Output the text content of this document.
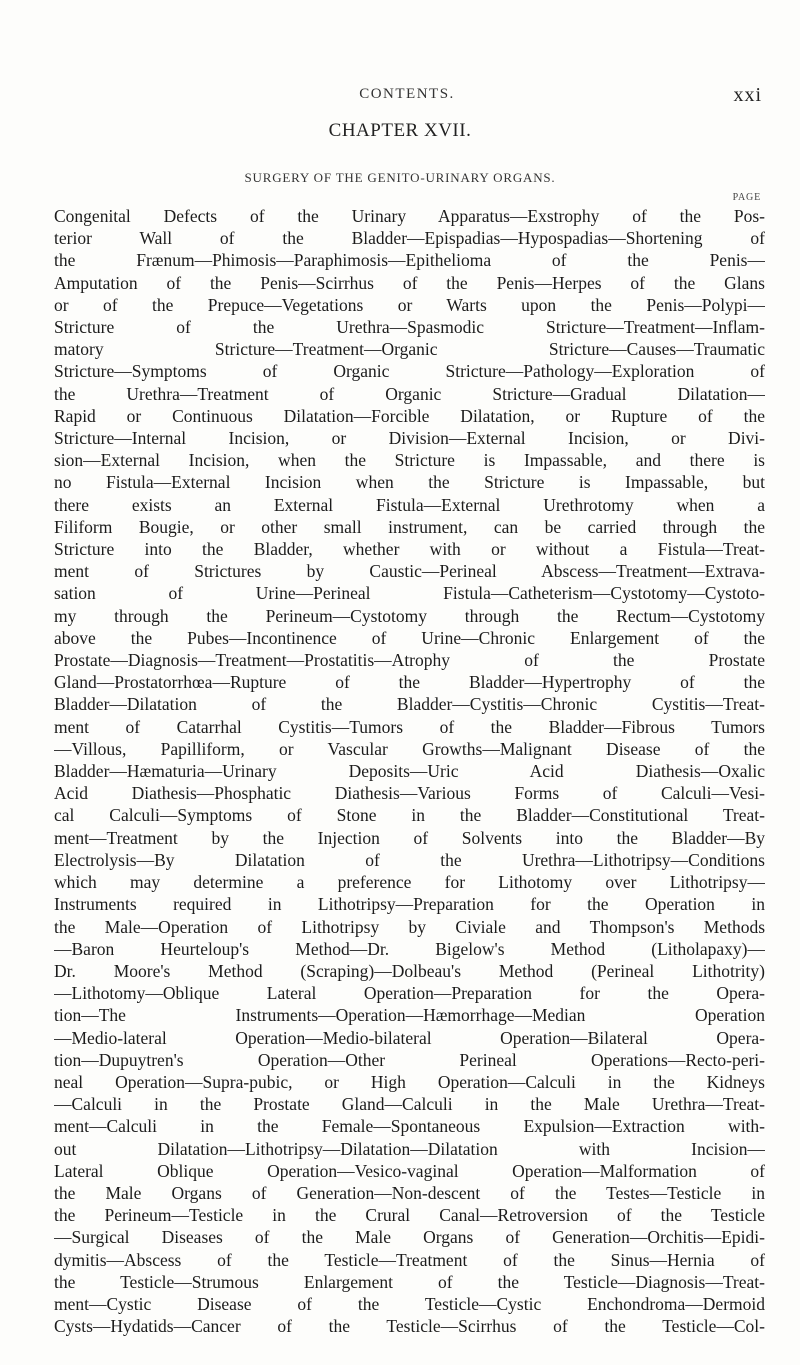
CONTENTS.	xxi
CHAPTER XVII.
SURGERY OF THE GENITO-URINARY ORGANS.
PAGE
Congenital Defects of the Urinary Apparatus—Exstrophy of the Pos-
terior Wall of the Bladder—Epispadias—Hypospadias—Shortening of
the Frænum—Phimosis—Paraphimosis—Epithelioma of the Penis—
Amputation of the Penis—Scirrhus of the Penis—Herpes of the Glans
or of the Prepuce—Vegetations or Warts upon the Penis—Polypi—
Stricture of the Urethra—Spasmodic Stricture—Treatment—Inflam-
matory Stricture—Treatment—Organic Stricture—Causes—Traumatic
Stricture—Symptoms of Organic Stricture—Pathology—Exploration of
the Urethra—Treatment of Organic Stricture—Gradual Dilatation—
Rapid or Continuous Dilatation—Forcible Dilatation, or Rupture of the
Stricture—Internal Incision, or Division—External Incision, or Divi-
sion—External Incision, when the Stricture is Impassable, and there is
no Fistula—External Incision when the Stricture is Impassable, but
there exists an External Fistula—External Urethrotomy when a
Filiform Bougie, or other small instrument, can be carried through the
Stricture into the Bladder, whether with or without a Fistula—Treat-
ment of Strictures by Caustic—Perineal Abscess—Treatment—Extrava-
sation of Urine—Perineal Fistula—Catheterism—Cystotomy—Cystoto-
my through the Perineum—Cystotomy through the Rectum—Cystotomy
above the Pubes—Incontinence of Urine—Chronic Enlargement of the
Prostate—Diagnosis—Treatment—Prostatitis—Atrophy of the Prostate
Gland—Prostatorrhœa—Rupture of the Bladder—Hypertrophy of the
Bladder—Dilatation of the Bladder—Cystitis—Chronic Cystitis—Treat-
ment of Catarrhal Cystitis—Tumors of the Bladder—Fibrous Tumors
—Villous, Papilliform, or Vascular Growths—Malignant Disease of the
Bladder—Hæmaturia—Urinary Deposits—Uric Acid Diathesis—Oxalic
Acid Diathesis—Phosphatic Diathesis—Various Forms of Calculi—Vesi-
cal Calculi—Symptoms of Stone in the Bladder—Constitutional Treat-
ment—Treatment by the Injection of Solvents into the Bladder—By
Electrolysis—By Dilatation of the Urethra—Lithotripsy—Conditions
which may determine a preference for Lithotomy over Lithotripsy—
Instruments required in Lithotripsy—Preparation for the Operation in
the Male—Operation of Lithotripsy by Civiale and Thompson's Methods
—Baron Heurteloup's Method—Dr. Bigelow's Method (Litholapaxy)—
Dr. Moore's Method (Scraping)—Dolbeau's Method (Perineal Lithotrity)
—Lithotomy—Oblique Lateral Operation—Preparation for the Opera-
tion—The Instruments—Operation—Hæmorrhage—Median Operation
—Medio-lateral Operation—Medio-bilateral Operation—Bilateral Opera-
tion—Dupuytren's Operation—Other Perineal Operations—Recto-peri-
neal Operation—Supra-pubic, or High Operation—Calculi in the Kidneys
—Calculi in the Prostate Gland—Calculi in the Male Urethra—Treat-
ment—Calculi in the Female—Spontaneous Expulsion—Extraction with-
out Dilatation—Lithotripsy—Dilatation—Dilatation with Incision—
Lateral Oblique Operation—Vesico-vaginal Operation—Malformation of
the Male Organs of Generation—Non-descent of the Testes—Testicle in
the Perineum—Testicle in the Crural Canal—Retroversion of the Testicle
—Surgical Diseases of the Male Organs of Generation—Orchitis—Epidi-
dymitis—Abscess of the Testicle—Treatment of the Sinus—Hernia of
the Testicle—Strumous Enlargement of the Testicle—Diagnosis—Treat-
ment—Cystic Disease of the Testicle—Cystic Enchondroma—Dermoid
Cysts—Hydatids—Cancer of the Testicle—Scirrhus of the Testicle—Col-
